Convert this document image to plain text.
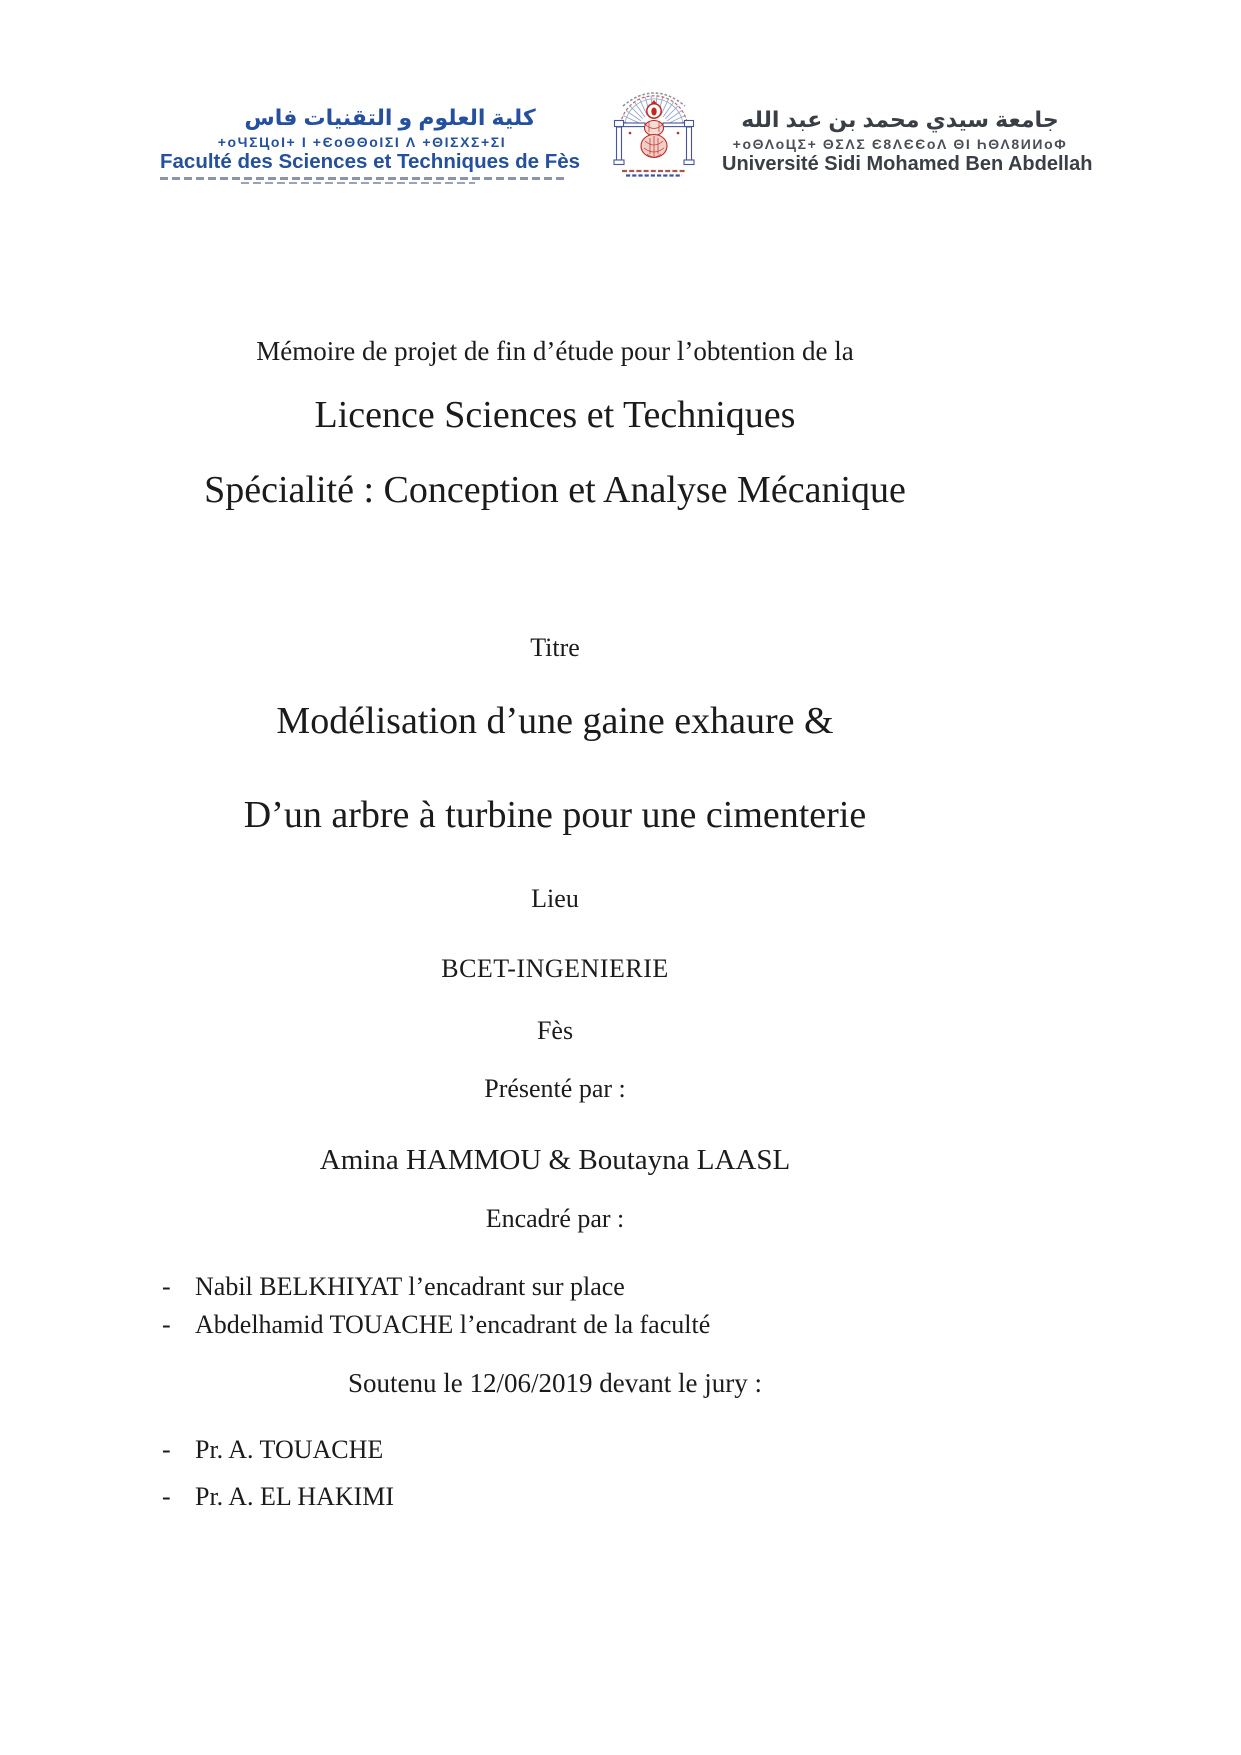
كلية العلوم و التقنيات فاس
+oЧΣЦoI+ I +ЄoΘΘoIΣI Λ +ΘIΣΧΣ+ΣI
Faculté des Sciences et Techniques de Fès
جامعة سيدي محمد بن عبد الله
+oΘΛoЦΣ+ ΘΣΛΣ Є8ΛЄЄoΛ ΘI ҺΘΛ8ИИoΦ
Université Sidi Mohamed Ben Abdellah
Mémoire de projet de fin d’étude pour l’obtention de la
Licence Sciences et Techniques
Spécialité : Conception et Analyse Mécanique
Titre
Modélisation d’une gaine exhaure &
D’un arbre à turbine pour une cimenterie
Lieu
BCET-INGENIERIE
Fès
Présenté par :
Amina HAMMOU & Boutayna LAASL
Encadré par :
- Nabil BELKHIYAT l’encadrant sur place
- Abdelhamid TOUACHE l’encadrant de la faculté
Soutenu le 12/06/2019 devant le jury :
- Pr. A. TOUACHE
- Pr. A. EL HAKIMI
